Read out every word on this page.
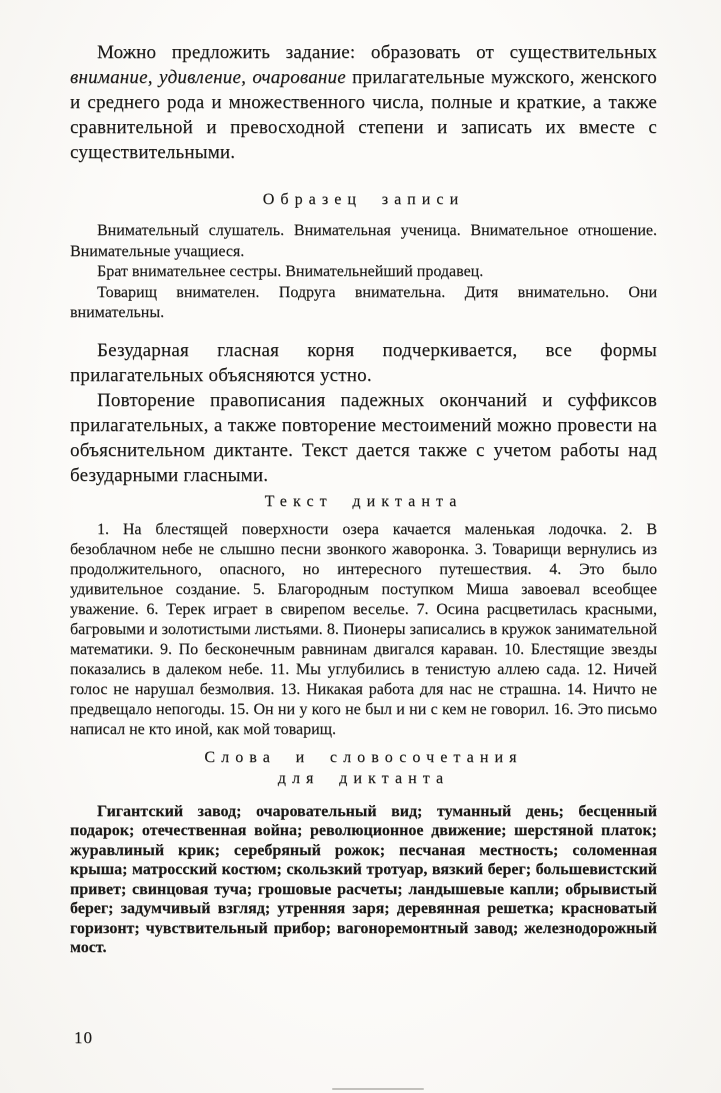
Можно предложить задание: образовать от существительных внимание, удивление, очарование прилагательные мужского, женского и среднего рода и множественного числа, полные и краткие, а также сравнительной и превосходной степени и записать их вместе с существительными.

Образец записи

Внимательный слушатель. Внимательная ученица. Внимательное отношение. Внимательные учащиеся.

Брат внимательнее сестры. Внимательнейший продавец.

Товарищ внимателен. Подруга внимательна. Дитя внимательно. Они внимательны.

Безударная гласная корня подчеркивается, все формы прилагательных объясняются устно.

Повторение правописания падежных окончаний и суффиксов прилагательных, а также повторение местоимений можно провести на объяснительном диктанте. Текст дается также с учетом работы над безударными гласными.

Текст диктанта

1. На блестящей поверхности озера качается маленькая лодочка. 2. В безоблачном небе не слышно песни звонкого жаворонка. 3. Товарищи вернулись из продолжительного, опасного, но интересного путешествия. 4. Это было удивительное создание. 5. Благородным поступком Миша завоевал всеобщее уважение. 6. Терек играет в свирепом веселье. 7. Осина расцветилась красными, багровыми и золотистыми листьями. 8. Пионеры записались в кружок занимательной математики. 9. По бесконечным равнинам двигался караван. 10. Блестящие звезды показались в далеком небе. 11. Мы углубились в тенистую аллею сада. 12. Ничей голос не нарушал безмолвия. 13. Никакая работа для нас не страшна. 14. Ничто не предвещало непогоды. 15. Он ни у кого не был и ни с кем не говорил. 16. Это письмо написал не кто иной, как мой товарищ.

Слова и словосочетания
для диктанта

Гигантский завод; очаровательный вид; туманный день; бесценный подарок; отечественная война; революционное движение; шерстяной платок; журавлиный крик; серебряный рожок; песчаная местность; соломенная крыша; матросский костюм; скользкий тротуар, вязкий берег; большевистский привет; свинцовая туча; грошовые расчеты; ландышевые капли; обрывистый берег; задумчивый взгляд; утренняя заря; деревянная решетка; красноватый горизонт; чувствительный прибор; вагоноремонтный завод; железнодорожный мост.

10
